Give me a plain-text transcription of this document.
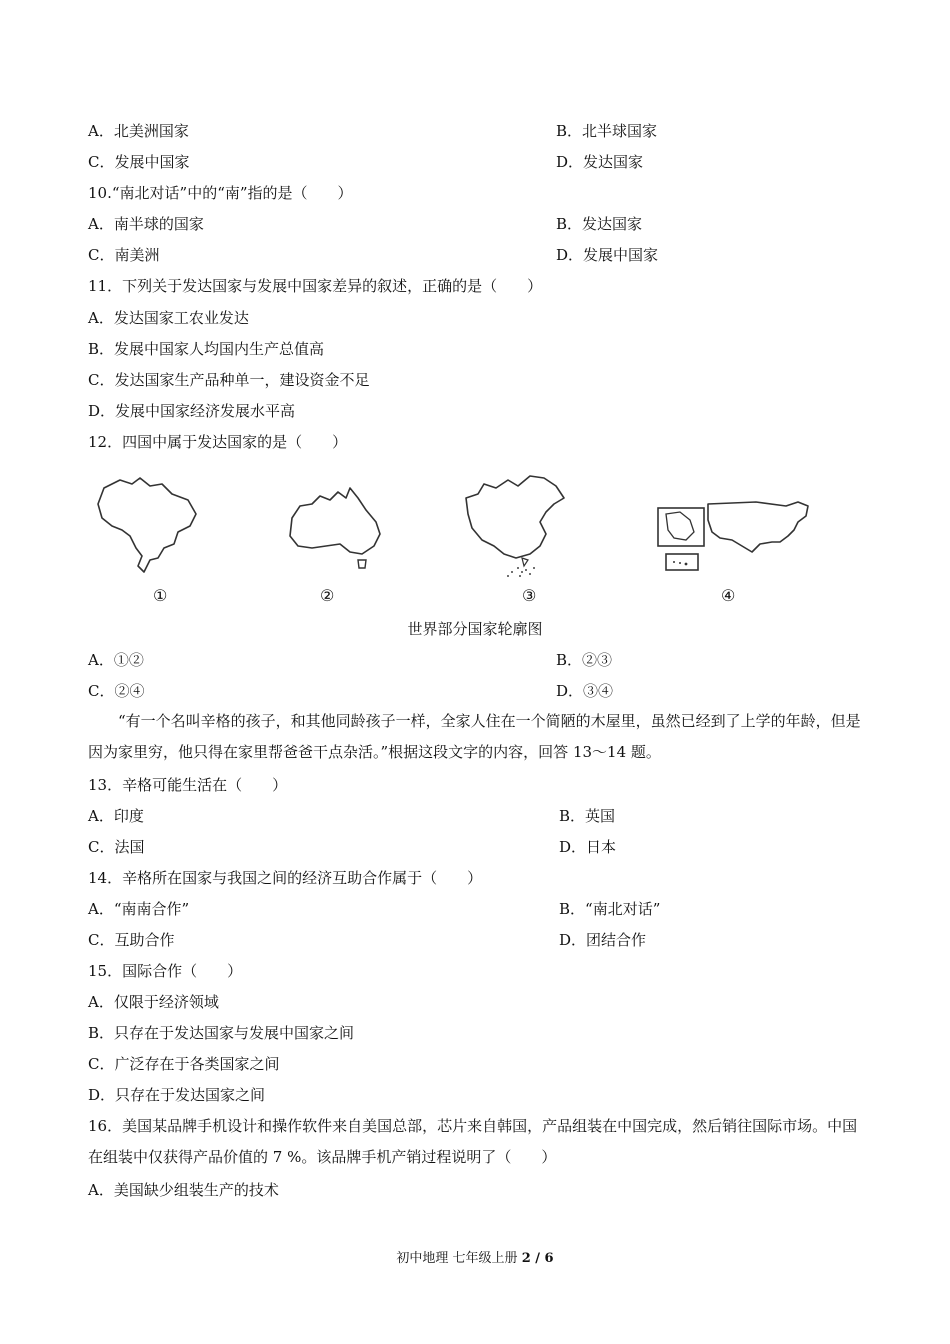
A．北美洲国家	B．北半球国家
C．发展中国家	D．发达国家
10.“南北对话”中的“南”指的是（　　）
A．南半球的国家	B．发达国家
C．南美洲	D．发展中国家
11．下列关于发达国家与发展中国家差异的叙述，正确的是（　　）
A．发达国家工农业发达
B．发展中国家人均国内生产总值高
C．发达国家生产品种单一，建设资金不足
D．发展中国家经济发展水平高
12．四国中属于发达国家的是（　　）
①	②	③	④
世界部分国家轮廓图
A．①②	B．②③
C．②④	D．③④
“有一个名叫辛格的孩子，和其他同龄孩子一样，全家人住在一个简陋的木屋里，虽然已经到了上学的年龄，但是因为家里穷，他只得在家里帮爸爸干点杂活。”根据这段文字的内容，回答 13～14 题。
13．辛格可能生活在（　　）
A．印度	B．英国
C．法国	D．日本
14．辛格所在国家与我国之间的经济互助合作属于（　　）
A．“南南合作”	B．“南北对话”
C．互助合作	D．团结合作
15．国际合作（　　）
A．仅限于经济领域
B．只存在于发达国家与发展中国家之间
C．广泛存在于各类国家之间
D．只存在于发达国家之间
16．美国某品牌手机设计和操作软件来自美国总部，芯片来自韩国，产品组装在中国完成，然后销往国际市场。中国在组装中仅获得产品价值的 7 %。该品牌手机产销过程说明了（　　）
A．美国缺少组装生产的技术
初中地理 七年级上册 2 / 6
